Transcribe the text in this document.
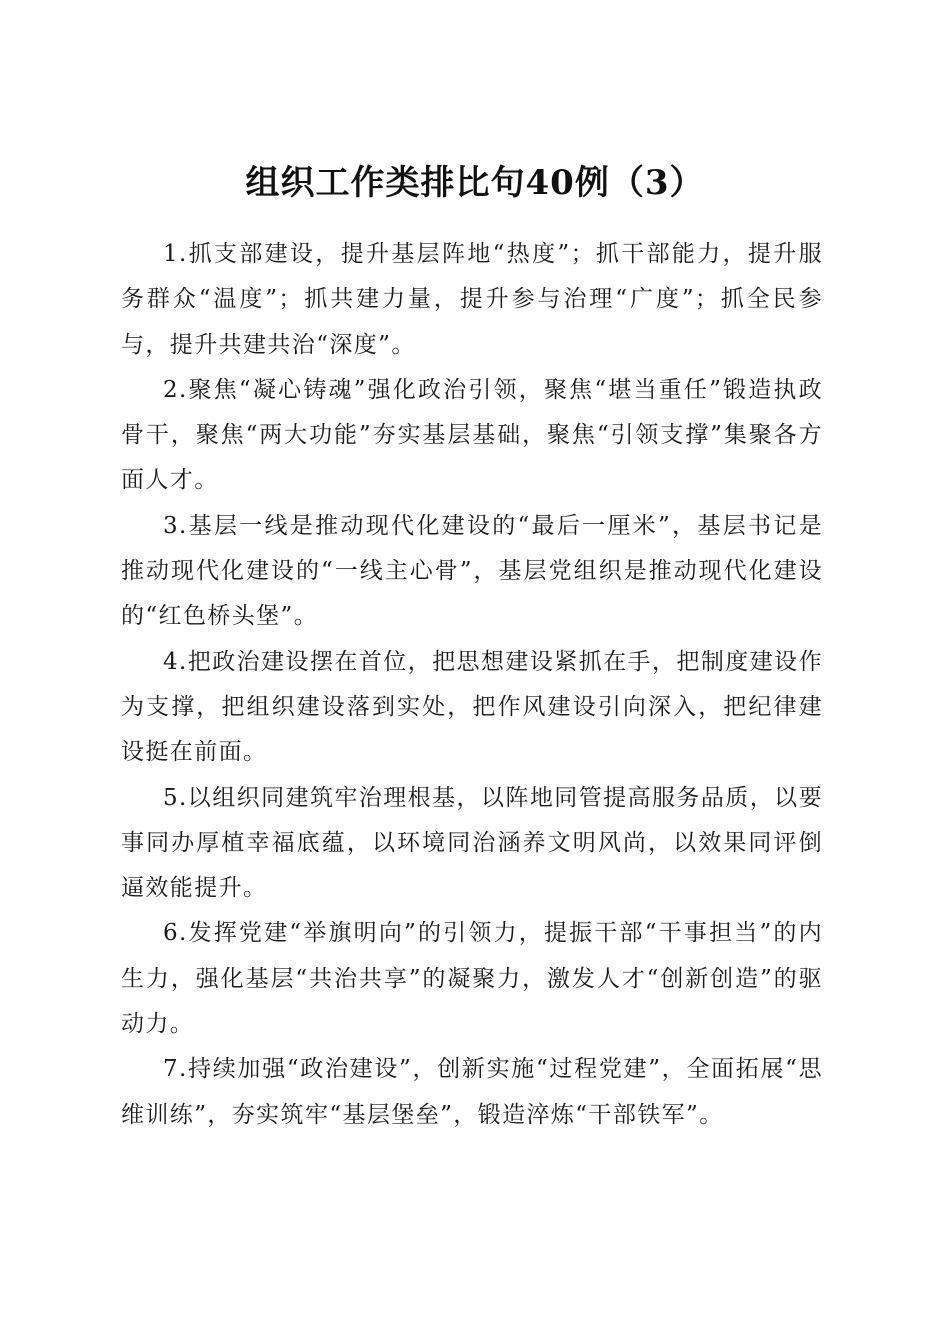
组织工作类排比句40例（3）

1.抓支部建设，提升基层阵地“热度”；抓干部能力，提升服务群众“温度”；抓共建力量，提升参与治理“广度”；抓全民参与，提升共建共治“深度”。

2.聚焦“凝心铸魂”强化政治引领，聚焦“堪当重任”锻造执政骨干，聚焦“两大功能”夯实基层基础，聚焦“引领支撑”集聚各方面人才。

3.基层一线是推动现代化建设的“最后一厘米”，基层书记是推动现代化建设的“一线主心骨”，基层党组织是推动现代化建设的“红色桥头堡”。

4.把政治建设摆在首位，把思想建设紧抓在手，把制度建设作为支撑，把组织建设落到实处，把作风建设引向深入，把纪律建设挺在前面。

5.以组织同建筑牢治理根基，以阵地同管提高服务品质，以要事同办厚植幸福底蕴，以环境同治涵养文明风尚，以效果同评倒逼效能提升。

6.发挥党建“举旗明向”的引领力，提振干部“干事担当”的内生力，强化基层“共治共享”的凝聚力，激发人才“创新创造”的驱动力。

7.持续加强“政治建设”，创新实施“过程党建”，全面拓展“思维训练”，夯实筑牢“基层堡垒”，锻造淬炼“干部铁军”。
